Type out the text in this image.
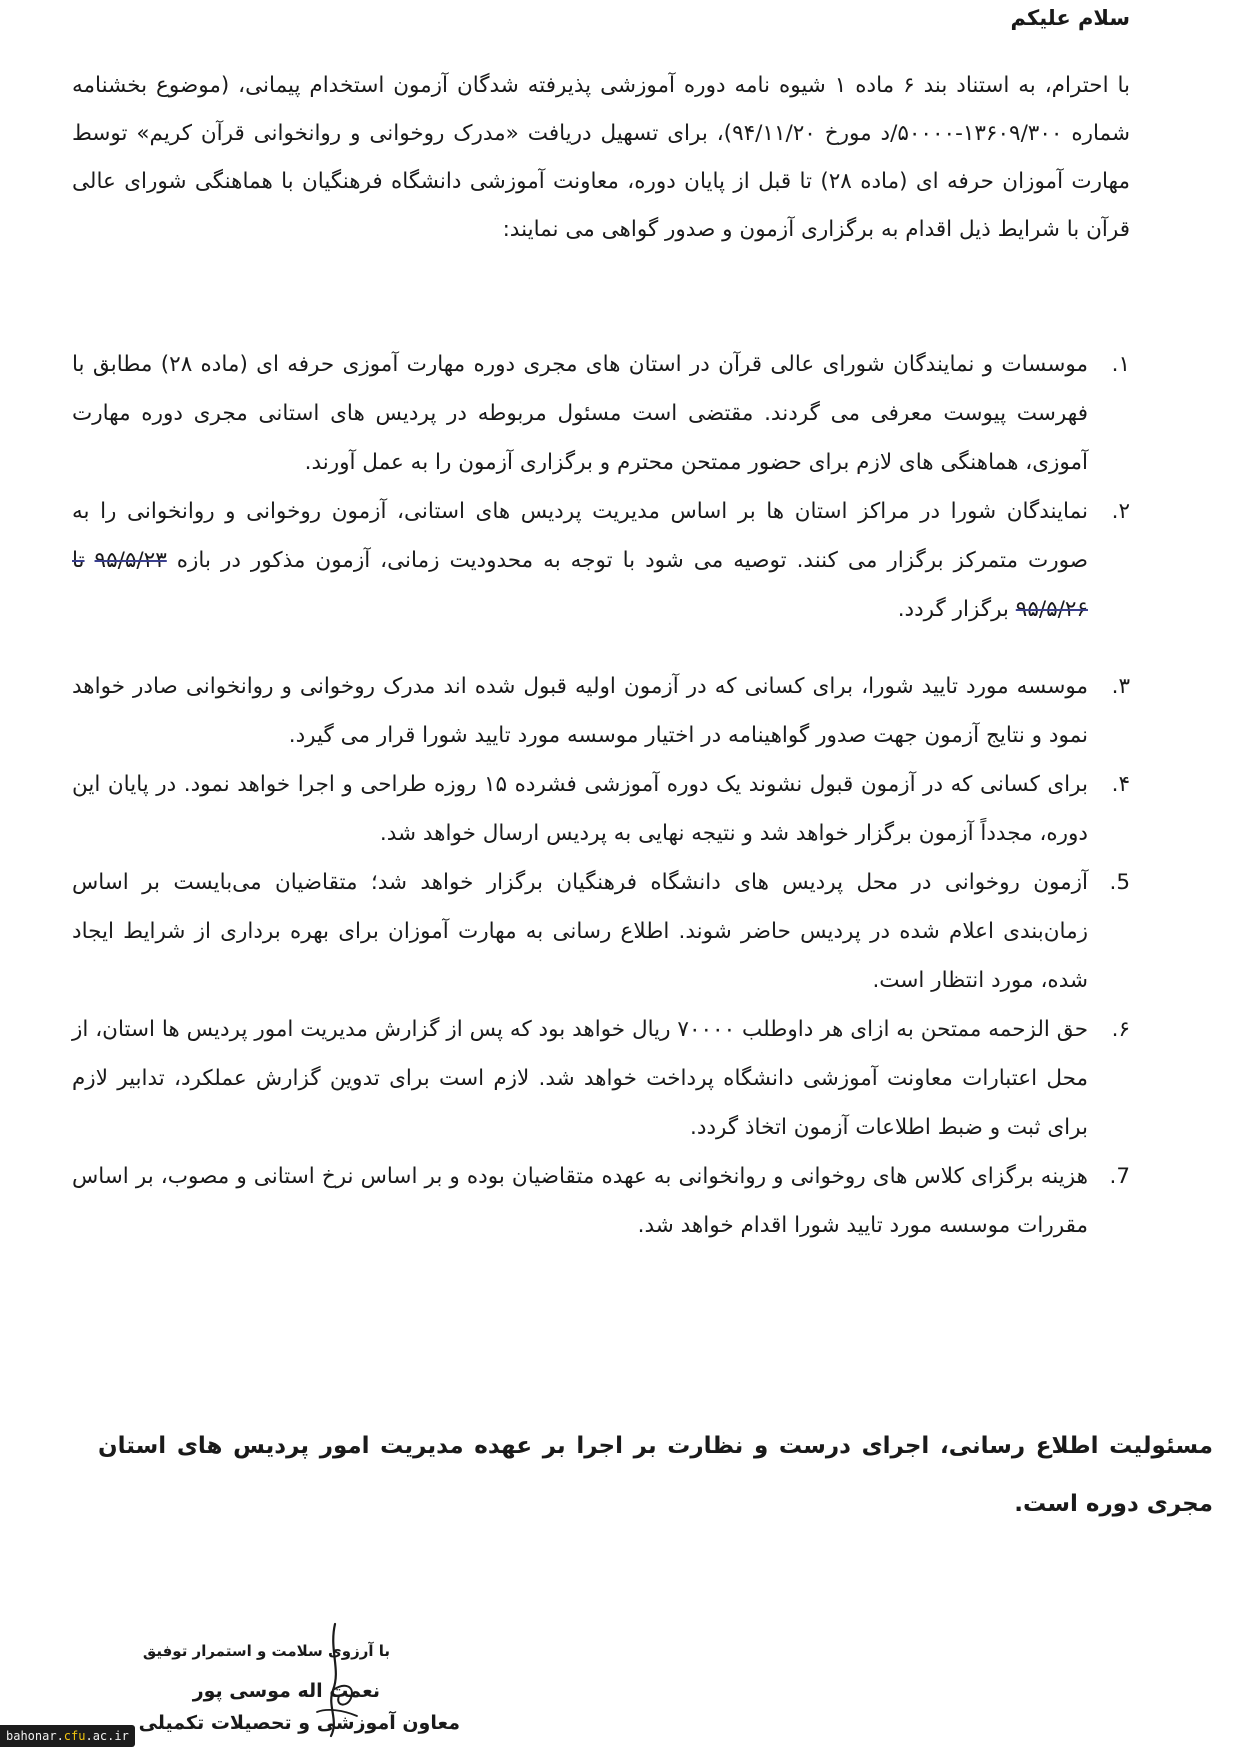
سلام علیکم

با احترام، به استناد بند ۶ ماده ۱ شیوه نامه دوره آموزشی پذیرفته شدگان آزمون استخدام پیمانی، (موضوع بخشنامه شماره ۱۳۶۰۹/۳۰۰-۵۰۰۰۰/د مورخ ۹۴/۱۱/۲۰)، برای تسهیل دریافت «مدرک روخوانی و روانخوانی قرآن کریم» توسط مهارت آموزان حرفه ای (ماده ۲۸) تا قبل از پایان دوره، معاونت آموزشی دانشگاه فرهنگیان با هماهنگی شورای عالی قرآن با شرایط ذیل اقدام به برگزاری آزمون و صدور گواهی می نمایند:

۱.
موسسات و نمایندگان شورای عالی قرآن در استان های مجری دوره مهارت آموزی حرفه ای (ماده ۲۸) مطابق با فهرست پیوست معرفی می گردند. مقتضی است مسئول مربوطه در پردیس های استانی مجری دوره مهارت آموزی، هماهنگی های لازم برای حضور ممتحن محترم و برگزاری آزمون را به عمل آورند.
۲.
نمایندگان شورا در مراکز استان ها بر اساس مدیریت پردیس های استانی، آزمون روخوانی و روانخوانی را به صورت متمرکز برگزار می کنند. توصیه می شود با توجه به محدودیت زمانی، آزمون مذکور در بازه ۹۵/۵/۲۳ تا ۹۵/۵/۲۶ برگزار گردد.
۳.
موسسه مورد تایید شورا، برای کسانی که در آزمون اولیه قبول شده اند مدرک روخوانی و روانخوانی صادر خواهد نمود و نتایج آزمون جهت صدور گواهینامه در اختیار موسسه مورد تایید شورا قرار می گیرد.
۴.
برای کسانی که در آزمون قبول نشوند یک دوره آموزشی فشرده ۱۵ روزه طراحی و اجرا خواهد نمود. در پایان این دوره، مجدداً آزمون برگزار خواهد شد و نتیجه نهایی به پردیس ارسال خواهد شد.
5.
آزمون روخوانی در محل پردیس های دانشگاه فرهنگیان برگزار خواهد شد؛ متقاضیان می‌بایست بر اساس زمان‌بندی اعلام شده در پردیس حاضر شوند. اطلاع رسانی به مهارت آموزان برای بهره برداری از شرایط ایجاد شده، مورد انتظار است.
۶.
حق الزحمه ممتحن به ازای هر داوطلب ۷۰۰۰۰ ریال خواهد بود که پس از گزارش مدیریت امور پردیس ها استان، از محل اعتبارات معاونت آموزشی دانشگاه پرداخت خواهد شد. لازم است برای تدوین گزارش عملکرد، تدابیر لازم برای ثبت و ضبط اطلاعات آزمون اتخاذ گردد.
7.
هزینه برگزای کلاس های روخوانی و روانخوانی به عهده متقاضیان بوده و بر اساس نرخ استانی و مصوب، بر اساس مقررات موسسه مورد تایید شورا اقدام خواهد شد.

مسئولیت اطلاع رسانی، اجرای درست و نظارت بر اجرا بر عهده مدیریت امور پردیس های استان مجری دوره است.

با آرزوی سلامت و استمرار توفیق
نعمت اله موسی پور
معاون آموزشی و تحصیلات تکمیلی
bahonar.cfu.ac.ir
